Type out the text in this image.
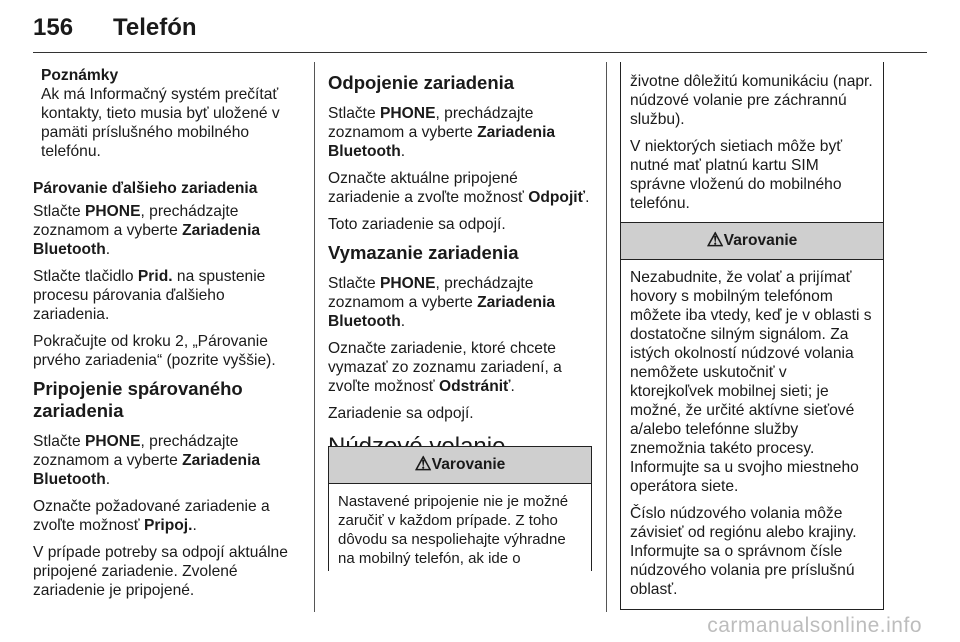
156 Telefón
Poznámky
Ak má Informačný systém prečítať kontakty, tieto musia byť uložené v pamäti príslušného mobilného telefónu.
Párovanie ďalšieho zariadenia

Stlačte PHONE, prechádzajte zoznamom a vyberte Zariadenia Bluetooth.

Stlačte tlačidlo Prid. na spustenie procesu párovania ďalšieho zariadenia.

Pokračujte od kroku 2, „Párovanie prvého zariadenia“ (pozrite vyššie).

Pripojenie spárovaného zariadenia

Stlačte PHONE, prechádzajte zoznamom a vyberte Zariadenia Bluetooth.

Označte požadované zariadenie a zvoľte možnosť Pripoj..

V prípade potreby sa odpojí aktuálne pripojené zariadenie. Zvolené zariadenie je pripojené.

Odpojenie zariadenia

Stlačte PHONE, prechádzajte zoznamom a vyberte Zariadenia Bluetooth.

Označte aktuálne pripojené zariadenie a zvoľte možnosť Odpojiť.

Toto zariadenie sa odpojí.

Vymazanie zariadenia

Stlačte PHONE, prechádzajte zoznamom a vyberte Zariadenia Bluetooth.

Označte zariadenie, ktoré chcete vymazať zo zoznamu zariadení, a zvoľte možnosť Odstrániť.

Zariadenie sa odpojí.

⚠Varovanie
Nastavené pripojenie nie je možné zaručiť v každom prípade. Z toho dôvodu sa nespoliehajte výhradne na mobilný telefón, ak ide o

životne dôležitú komunikáciu (napr. núdzové volanie pre záchrannú službu).

V niektorých sietiach môže byť nutné mať platnú kartu SIM správne vloženú do mobilného telefónu.

⚠Varovanie

Nezabudnite, že volať a prijímať hovory s mobilným telefónom môžete iba vtedy, keď je v oblasti s dostatočne silným signálom. Za istých okolností núdzové volania nemôžete uskutočniť v ktorejkoľvek mobilnej sieti; je možné, že určité aktívne sieťové a/alebo telefónne služby znemožnia takéto procesy. Informujte sa u svojho miestneho operátora siete.

Číslo núdzového volania môže závisieť od regiónu alebo krajiny. Informujte sa o správnom čísle núdzového volania pre príslušnú oblasť.

carmanualsonline.info
